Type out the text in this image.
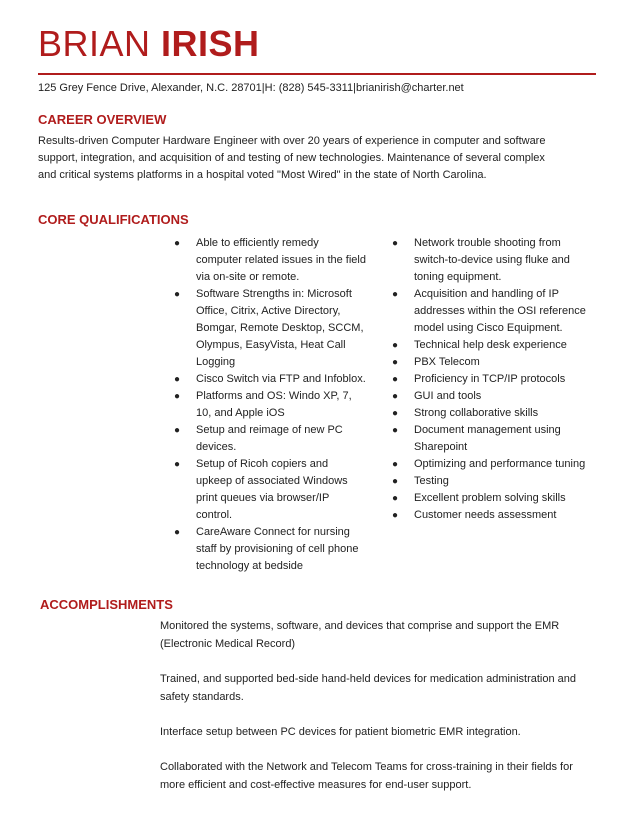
BRIAN IRISH
125 Grey Fence Drive, Alexander, N.C. 28701|H: (828) 545-3311|brianirish@charter.net
CAREER OVERVIEW

Results-driven Computer Hardware Engineer with over 20 years of experience in computer and software support, integration, and acquisition of and testing of new technologies. Maintenance of several complex and critical systems platforms in a hospital voted "Most Wired" in the state of North Carolina.

CORE QUALIFICATIONS
● Able to efficiently remedy computer related issues in the field via on-site or remote.
● Software Strengths in: Microsoft Office, Citrix, Active Directory, Bomgar, Remote Desktop, SCCM, Olympus, EasyVista, Heat Call Logging
● Cisco Switch via FTP and Infoblox.
● Platforms and OS: Windo XP, 7, 10, and Apple iOS
● Setup and reimage of new PC devices.
● Setup of Ricoh copiers and upkeep of associated Windows print queues via browser/IP control.
● CareAware Connect for nursing staff by provisioning of cell phone technology at bedside
● Network trouble shooting from switch-to-device using fluke and toning equipment.
● Acquisition and handling of IP addresses within the OSI reference model using Cisco Equipment.
● Technical help desk experience
● PBX Telecom
● Proficiency in TCP/IP protocols
● GUI and tools
● Strong collaborative skills
● Document management using Sharepoint
● Optimizing and performance tuning
● Testing
● Excellent problem solving skills
● Customer needs assessment
ACCOMPLISHMENTS

Monitored the systems, software, and devices that comprise and support the EMR (Electronic Medical Record)

Trained, and supported bed-side hand-held devices for medication administration and safety standards.

Interface setup between PC devices for patient biometric EMR integration.

Collaborated with the Network and Telecom Teams for cross-training in their fields for more efficient and cost-effective measures for end-user support.
